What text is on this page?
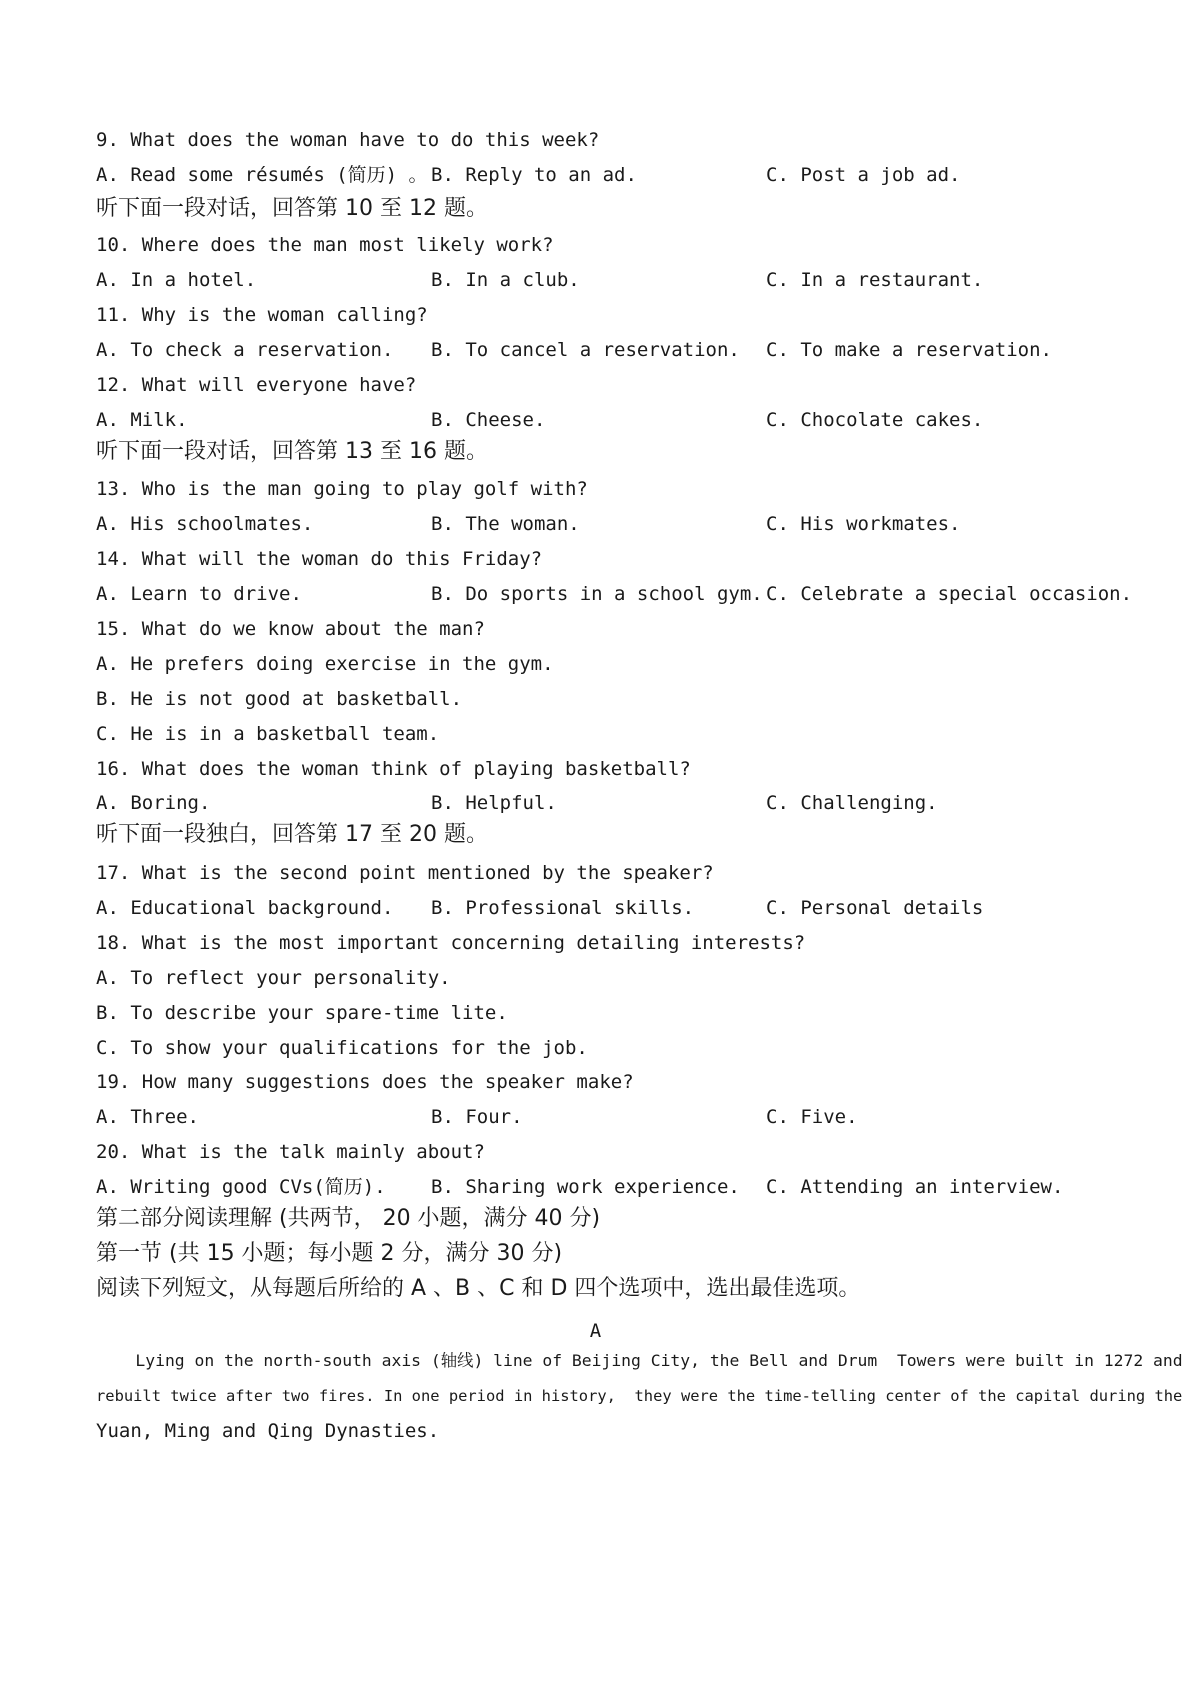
9. What does the woman have to do this week?
A. Read some résumés (简历) 。 B. Reply to an ad.	C. Post a job ad.
听下面一段对话，回答第 10 至 12 题。
10. Where does the man most likely work?
A. In a hotel.	B. In a club.	C. In a restaurant.
11. Why is the woman calling?
A. To check a reservation. B. To cancel a reservation. C. To make a reservation.
12. What will everyone have?
A. Milk.	B. Cheese.	C. Chocolate cakes.
听下面一段对话，回答第 13 至 16 题。
13. Who is the man going to play golf with?
A. His schoolmates.	B. The woman.	C. His workmates.
14. What will the woman do this Friday?
A. Learn to drive.	B. Do sports in a school gym. C. Celebrate a special occasion.
15. What do we know about the man?
A. He prefers doing exercise in the gym.
B. He is not good at basketball.
C. He is in a basketball team.
16. What does the woman think of playing basketball?
A. Boring.	B. Helpful.	C. Challenging.
听下面一段独白，回答第 17 至 20 题。
17. What is the second point mentioned by the speaker?
A. Educational background. B. Professional skills.	C. Personal details
18. What is the most important concerning detailing interests?
A. To reflect your personality.
B. To describe your spare-time lite.
C. To show your qualifications for the job.
19. How many suggestions does the speaker make?
A. Three.	B. Four.	C. Five.
20. What is the talk mainly about?
A. Writing good CVs(简历). B. Sharing work experience. C. Attending an interview.
第二部分阅读理解 (共两节， 20 小题，满分 40 分)
第一节 (共 15 小题；每小题 2 分，满分 30 分)
阅读下列短文，从每题后所给的 A 、B 、C 和 D 四个选项中，选出最佳选项。
A
Lying on the north-south axis (轴线) line of Beijing City, the Bell and Drum  Towers were built in 1272 and
rebuilt twice after two fires. In one period in history,  they were the time-telling center of the capital during the
Yuan, Ming and Qing Dynasties.
